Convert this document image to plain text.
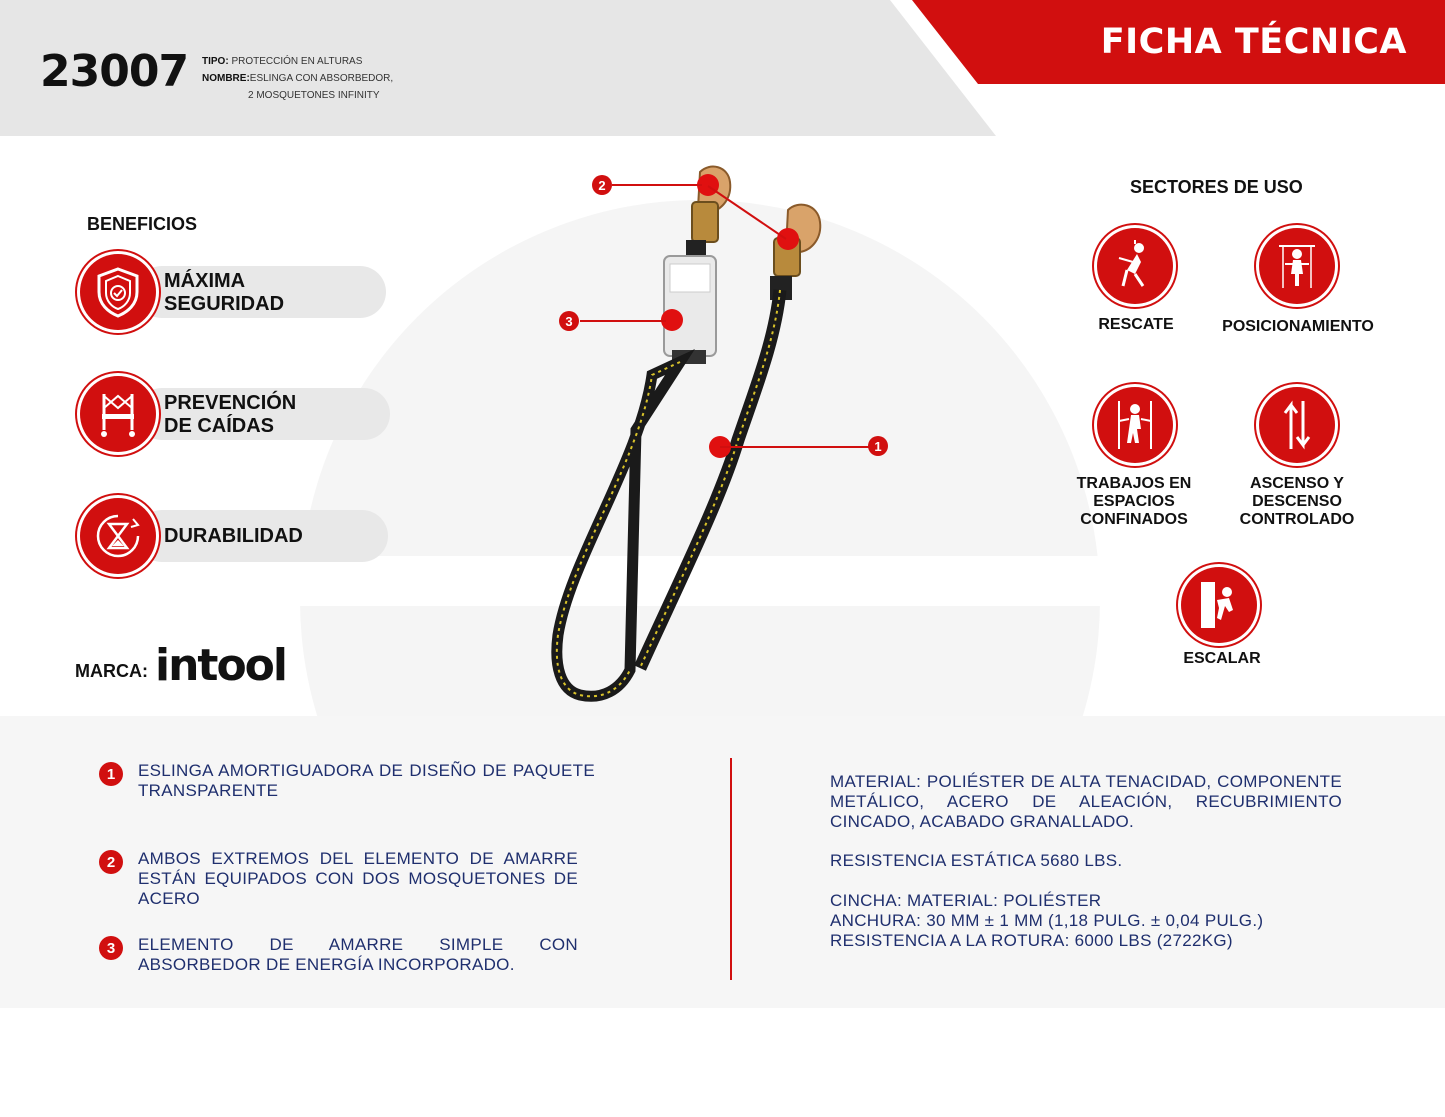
23007 TIPO: PROTECCIÓN EN ALTURAS
NOMBRE:ESLINGA CON ABSORBEDOR,
2 MOSQUETONES INFINITY
FICHA TÉCNICA
BENEFICIOS
MÁXIMA
SEGURIDAD
PREVENCIÓN
DE CAÍDAS
DURABILIDAD
MARCA: intool
2
3
1
SECTORES DE USO
RESCATE	POSICIONAMIENTO
TRABAJOS EN
ESPACIOS
CONFINADOS
ASCENSO Y
DESCENSO
CONTROLADO
ESCALAR
1	ESLINGA AMORTIGUADORA DE DISEÑO DE PAQUETE TRANSPARENTE
2	AMBOS EXTREMOS DEL ELEMENTO DE AMARRE ESTÁN EQUIPADOS CON DOS MOSQUETONES DE ACERO
3	ELEMENTO DE AMARRE SIMPLE CON ABSORBEDOR DE ENERGÍA INCORPORADO.
MATERIAL: POLIÉSTER DE ALTA TENACIDAD, COMPONENTE METÁLICO, ACERO DE ALEACIÓN, RECUBRIMIENTO CINCADO, ACABADO GRANALLADO.
RESISTENCIA ESTÁTICA 5680 LBS.
CINCHA: MATERIAL: POLIÉSTER
ANCHURA: 30 MM ± 1 MM (1,18 PULG. ± 0,04 PULG.)
RESISTENCIA A LA ROTURA: 6000 LBS (2722KG)
